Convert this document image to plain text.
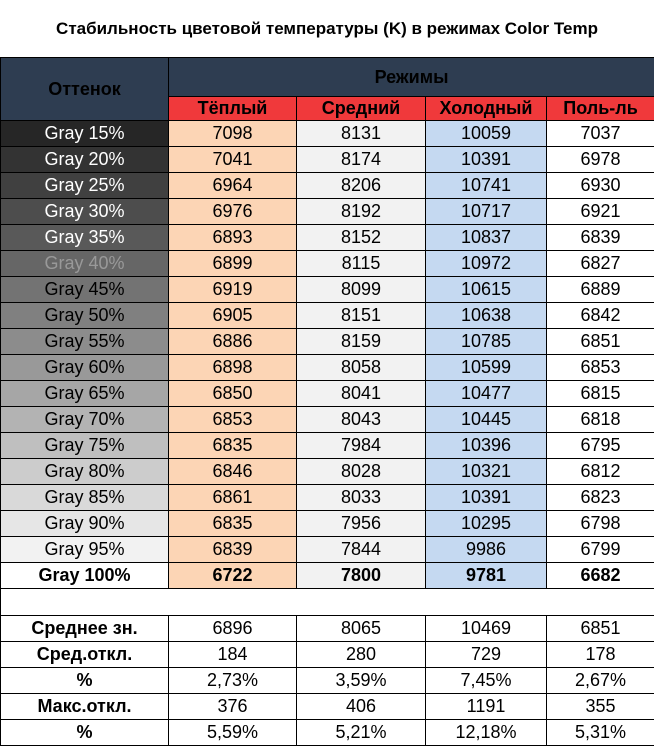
Стабильность цветовой температуры (K) в режимах Color Temp
Оттенок	Режимы			
	Тёплый	Средний	Холодный	Поль-ль
Gray 15%	7098	8131	10059	7037
Gray 20%	7041	8174	10391	6978
Gray 25%	6964	8206	10741	6930
Gray 30%	6976	8192	10717	6921
Gray 35%	6893	8152	10837	6839
Gray 40%	6899	8115	10972	6827
Gray 45%	6919	8099	10615	6889
Gray 50%	6905	8151	10638	6842
Gray 55%	6886	8159	10785	6851
Gray 60%	6898	8058	10599	6853
Gray 65%	6850	8041	10477	6815
Gray 70%	6853	8043	10445	6818
Gray 75%	6835	7984	10396	6795
Gray 80%	6846	8028	10321	6812
Gray 85%	6861	8033	10391	6823
Gray 90%	6835	7956	10295	6798
Gray 95%	6839	7844	9986	6799
Gray 100%	6722	7800	9781	6682

Среднее зн.	6896	8065	10469	6851
Сред.откл.	184	280	729	178
%	2,73%	3,59%	7,45%	2,67%
Макс.откл.	376	406	1191	355
%	5,59%	5,21%	12,18%	5,31%
